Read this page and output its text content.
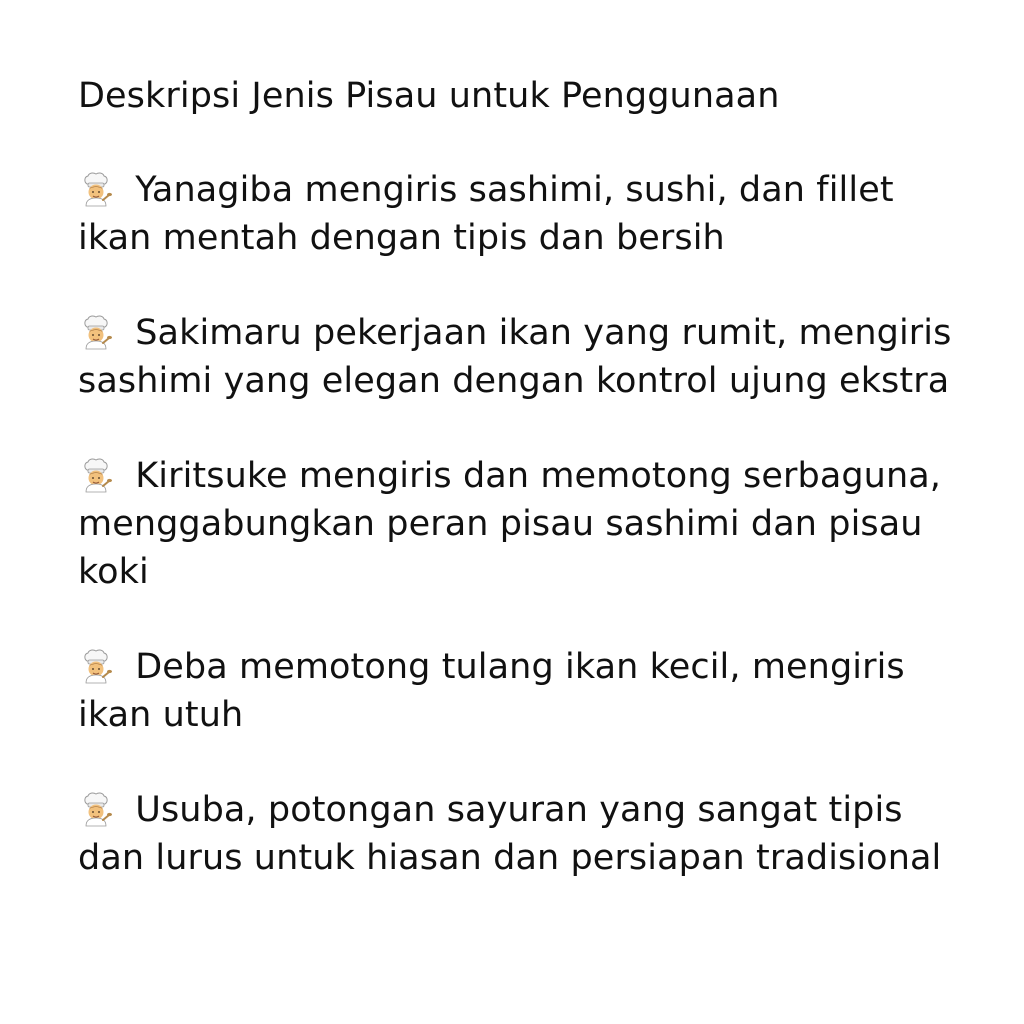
Deskripsi Jenis Pisau untuk Penggunaan
Yanagiba mengiris sashimi, sushi, dan fillet ikan mentah dengan tipis dan bersih
Sakimaru pekerjaan ikan yang rumit, mengiris sashimi yang elegan dengan kontrol ujung ekstra
Kiritsuke mengiris dan memotong serbaguna, menggabungkan peran pisau sashimi dan pisau koki
Deba memotong tulang ikan kecil, mengiris ikan utuh
Usuba, potongan sayuran yang sangat tipis dan lurus untuk hiasan dan persiapan tradisional
